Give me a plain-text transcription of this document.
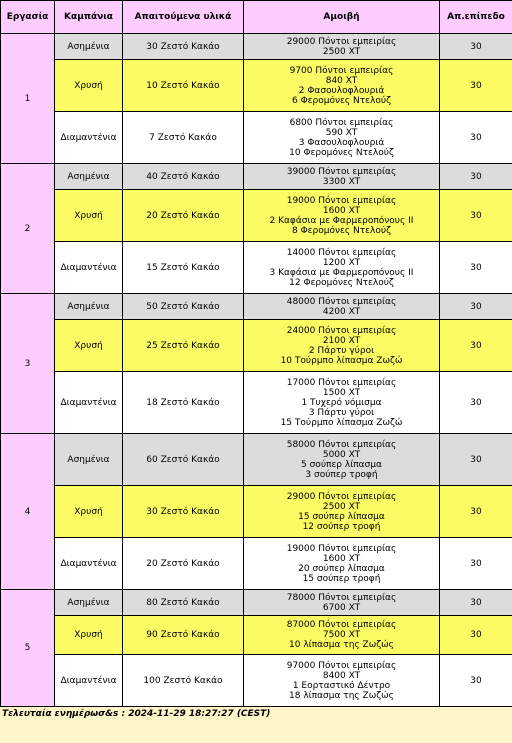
Εργασία	Καμπάνια	Απαιτούμενα υλικά	Αμοιβή	Απ.επίπεδο
1	Ασημένια	30 Ζεστό Κακάο	29000 Πόντοι εμπειρίας
2500 XT	30
	Χρυσή	10 Ζεστό Κακάο	9700 Πόντοι εμπειρίας
840 XT
2 Φασουλοφλουριά
6 Φερομόνες Ντελούζ	30
	Διαμαντένια	7 Ζεστό Κακάο	6800 Πόντοι εμπειρίας
590 XT
3 Φασουλοφλουριά
10 Φερομόνες Ντελούζ	30
2	Ασημένια	40 Ζεστό Κακάο	39000 Πόντοι εμπειρίας
3300 XT	30
	Χρυσή	20 Ζεστό Κακάο	19000 Πόντοι εμπειρίας
1600 XT
2 Καφάσια με Φαρμεροπόνους II
8 Φερομόνες Ντελούζ	30
	Διαμαντένια	15 Ζεστό Κακάο	14000 Πόντοι εμπειρίας
1200 XT
3 Καφάσια με Φαρμεροπόνους II
12 Φερομόνες Ντελούζ	30
3	Ασημένια	50 Ζεστό Κακάο	48000 Πόντοι εμπειρίας
4200 XT	30
	Χρυσή	25 Ζεστό Κακάο	24000 Πόντοι εμπειρίας
2100 XT
2 Πάρτυ γύροι
10 Τούρμπο λίπασμα Ζωζώ	30
	Διαμαντένια	18 Ζεστό Κακάο	17000 Πόντοι εμπειρίας
1500 XT
1 Τυχερό νόμισμα
3 Πάρτυ γύροι
15 Τούρμπο λίπασμα Ζωζώ	30
4	Ασημένια	60 Ζεστό Κακάο	58000 Πόντοι εμπειρίας
5000 XT
5 σούπερ λίπασμα
3 σούπερ τροφή	30
	Χρυσή	30 Ζεστό Κακάο	29000 Πόντοι εμπειρίας
2500 XT
15 σούπερ λίπασμα
12 σούπερ τροφή	30
	Διαμαντένια	20 Ζεστό Κακάο	19000 Πόντοι εμπειρίας
1600 XT
20 σούπερ λίπασμα
15 σούπερ τροφή	30
5	Ασημένια	80 Ζεστό Κακάο	78000 Πόντοι εμπειρίας
6700 XT	30
	Χρυσή	90 Ζεστό Κακάο	87000 Πόντοι εμπειρίας
7500 XT
10 λίπασμα της Ζωζώς	30
	Διαμαντένια	100 Ζεστό Κακάο	97000 Πόντοι εμπειρίας
8400 XT
1 Εορταστικό Δέντρο
18 λίπασμα της Ζωζώς	30
Τελευταία ενημέρωσ&s : 2024-11-29 18:27:27 (CEST)
